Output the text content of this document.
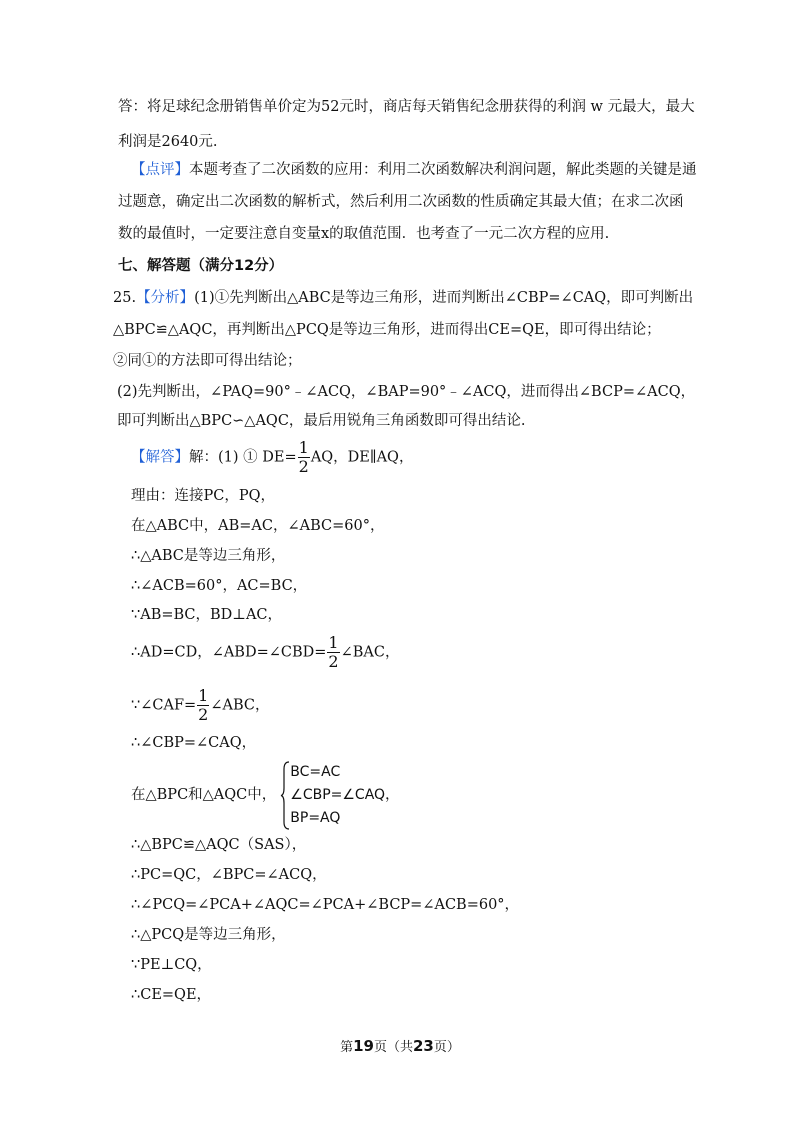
答：将足球纪念册销售单价定为52元时，商店每天销售纪念册获得的利润 w 元最大，最大
利润是2640元.
【点评】本题考查了二次函数的应用：利用二次函数解决利润问题，解此类题的关键是通
过题意，确定出二次函数的解析式，然后利用二次函数的性质确定其最大值；在求二次函
数的最值时，一定要注意自变量x的取值范围．也考查了一元二次方程的应用.
七、解答题（满分12分）
25.【分析】(1)①先判断出△ABC是等边三角形，进而判断出∠CBP=∠CAQ，即可判断出
△BPC≌△AQC，再判断出△PCQ是等边三角形，进而得出CE=QE，即可得出结论；
②同①的方法即可得出结论；
(2)先判断出，∠PAQ=90°﹣∠ACQ，∠BAP=90°﹣∠ACQ，进而得出∠BCP=∠ACQ，
即可判断出△BPC∽△AQC，最后用锐角三角函数即可得出结论.
【解答】解：(1) ① $DE= \frac{1}{2}$ AQ，DE∥AQ，
理由：连接PC，PQ，
在△ABC中，AB=AC，∠ABC=60°，
∴△ABC是等边三角形，
∴∠ACB=60°，AC=BC，
∵AB=BC，BD⊥AC，
∴AD=CD，∠ABD=∠CBD= $\frac{1}{2}$ ∠BAC，
∵∠CAF= $\frac{1}{2}$ ∠ABC，
∴∠CBP=∠CAQ，
在△BPC和△AQC中，
BC=AC
∠CBP=∠CAQ
BP=AQ
，
∴△BPC≌△AQC（SAS），
∴PC=QC，∠BPC=∠ACQ，
∴∠PCQ=∠PCA+∠AQC=∠PCA+∠BCP=∠ACB=60°，
∴△PCQ是等边三角形，
∵PE⊥CQ，
∴CE=QE，
第19页（共23页）
